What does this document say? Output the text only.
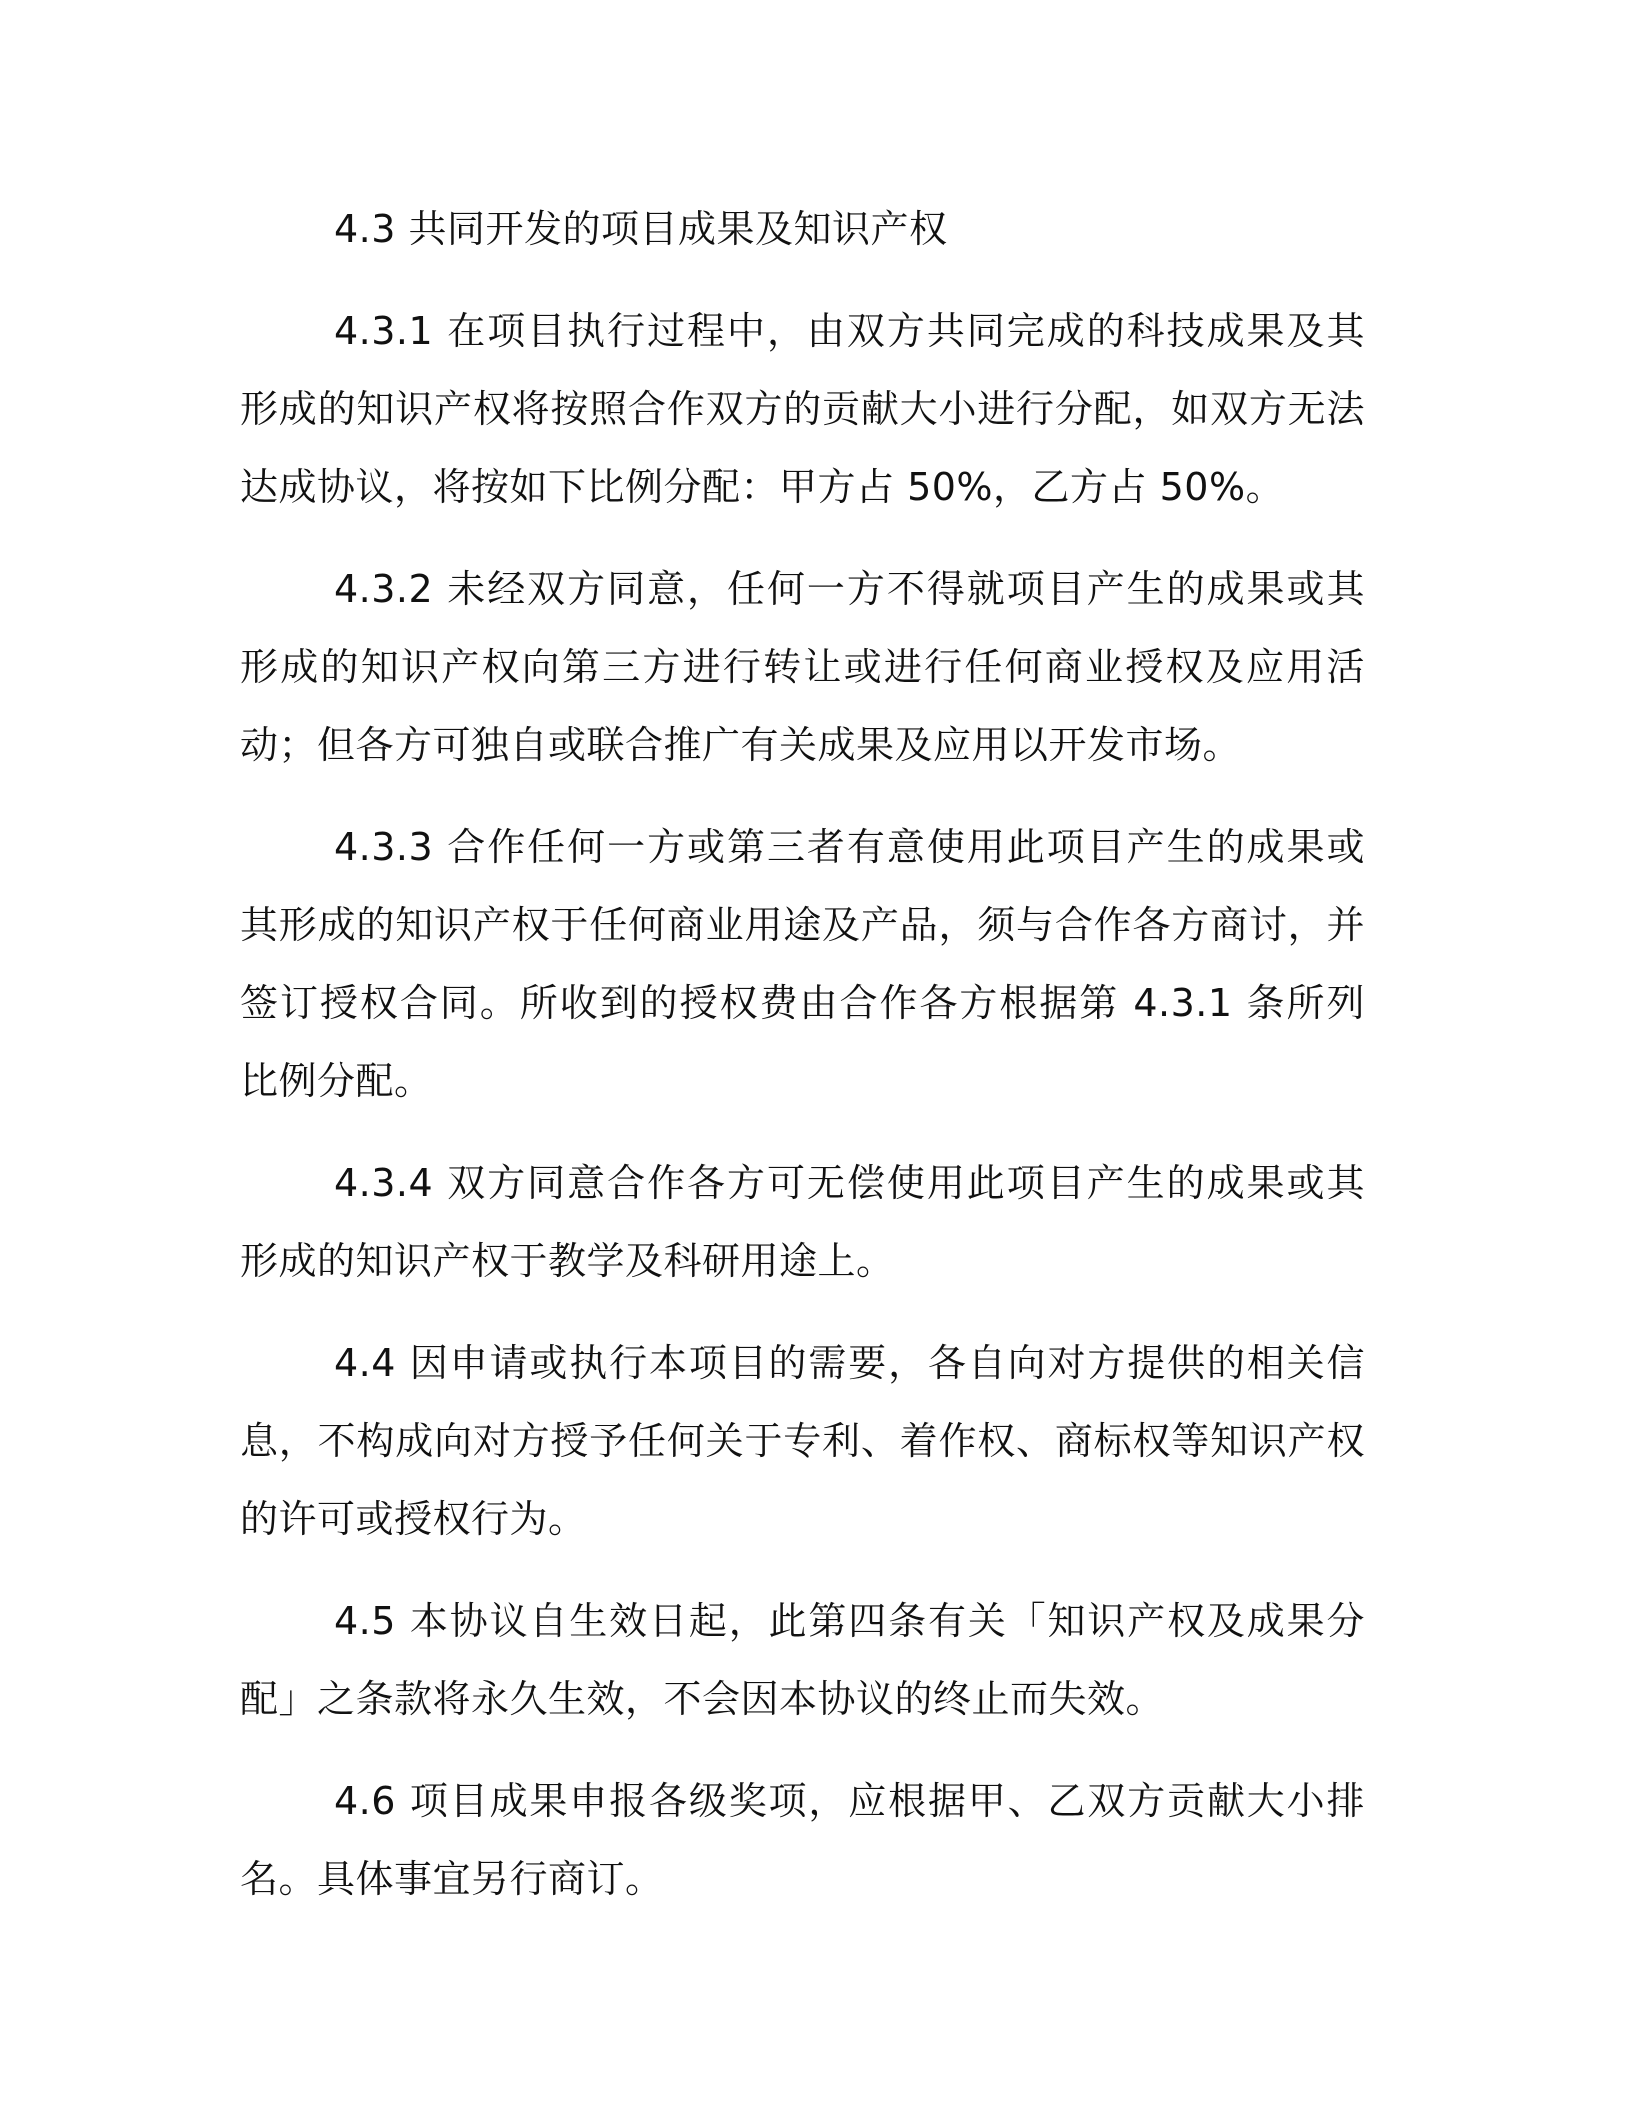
4.3 共同开发的项目成果及知识产权

4.3.1 在项目执行过程中，由双方共同完成的科技成果及其形成的知识产权将按照合作双方的贡献大小进行分配，如双方无法达成协议，将按如下比例分配：甲方占 50%，乙方占 50%。

4.3.2 未经双方同意，任何一方不得就项目产生的成果或其形成的知识产权向第三方进行转让或进行任何商业授权及应用活动；但各方可独自或联合推广有关成果及应用以开发市场。

4.3.3 合作任何一方或第三者有意使用此项目产生的成果或其形成的知识产权于任何商业用途及产品，须与合作各方商讨，并签订授权合同。所收到的授权费由合作各方根据第 4.3.1 条所列比例分配。

4.3.4 双方同意合作各方可无偿使用此项目产生的成果或其形成的知识产权于教学及科研用途上。

4.4 因申请或执行本项目的需要，各自向对方提供的相关信息，不构成向对方授予任何关于专利、着作权、商标权等知识产权的许可或授权行为。

4.5 本协议自生效日起，此第四条有关「知识产权及成果分配」之条款将永久生效，不会因本协议的终止而失效。

4.6 项目成果申报各级奖项，应根据甲、乙双方贡献大小排名。具体事宜另行商订。
